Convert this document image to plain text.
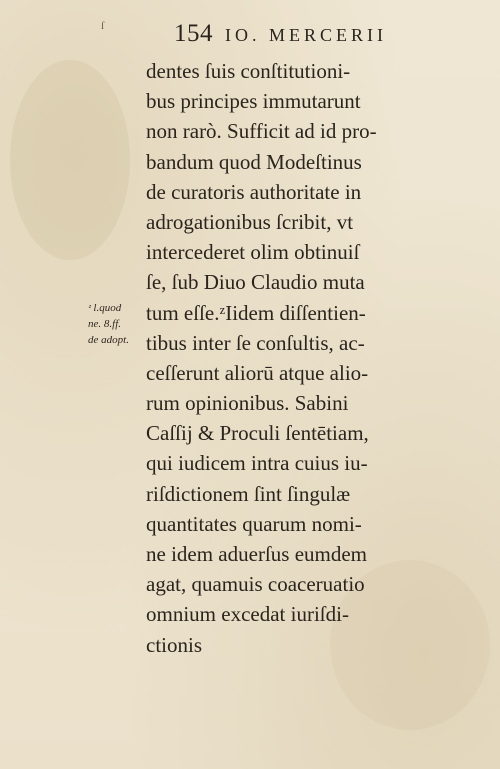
ſ	154 IO. MERCERII
dentes ſuis conſtitutioni-
bus principes immutarunt
non rarò. Sufficit ad id pro-
bandum quod Modeſtinus
de curatoris authoritate in
adrogationibus ſcribit, vt
intercederet olim obtinuiſ
ſe, ſub Diuo Claudio muta
tum eſſe.ᶻIidem diſſentien-
tibus inter ſe conſultis, ac-
ceſſerunt aliorū atque alio-
rum opinionibus. Sabini
Caſſij & Proculi ſentētiam,
qui iudicem intra cuius iu-
riſdictionem ſint ſingulæ
quantitates quarum nomi-
ne idem aduerſus eumdem
agat, quamuis coaceruatio
omnium excedat iuriſdi-
ctionis
ᶻ l.quod
ne. 8.ff.
de adopt.
